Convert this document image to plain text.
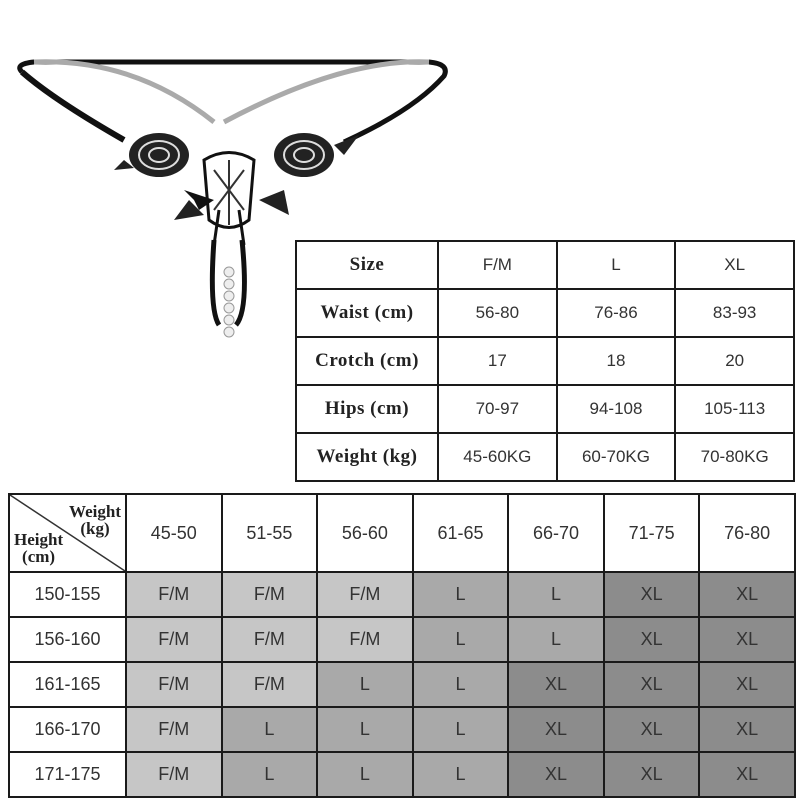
Size	F/M	L	XL
Waist (cm)	56-80	76-86	83-93
Crotch (cm)	17	18	20
Hips (cm)	70-97	94-108	105-113
Weight (kg)	45-60KG	60-70KG	70-80KG
Weight
(kg)
Height
(cm)	45-50	51-55	56-60	61-65	66-70	71-75	76-80
150-155	F/M	F/M	F/M	L	L	XL	XL
156-160	F/M	F/M	F/M	L	L	XL	XL
161-165	F/M	F/M	L	L	XL	XL	XL
166-170	F/M	L	L	L	XL	XL	XL
171-175	F/M	L	L	L	XL	XL	XL
